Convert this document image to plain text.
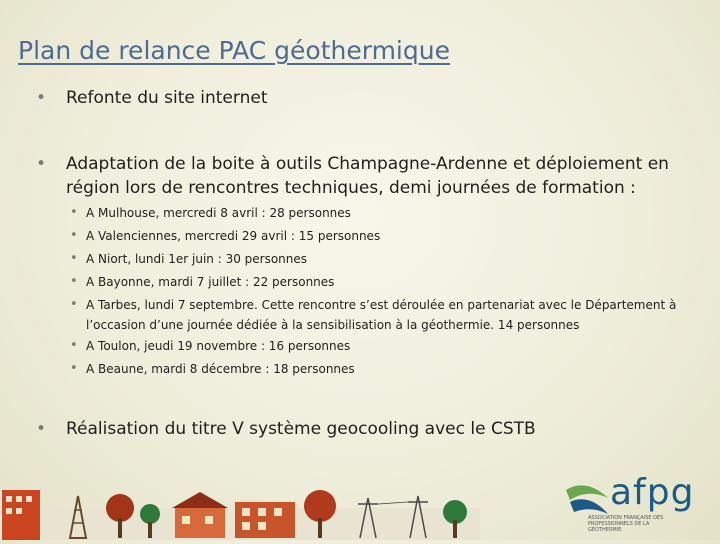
Plan de relance PAC géothermique
• Refonte du site internet
• Adaptation de la boite à outils Champagne-Ardenne et déploiement en région lors de rencontres techniques, demi journées de formation :
• A Mulhouse, mercredi 8 avril : 28 personnes
• A Valenciennes, mercredi 29 avril : 15 personnes
• A Niort, lundi 1er juin : 30 personnes
• A Bayonne, mardi 7 juillet : 22 personnes
• A Tarbes, lundi 7 septembre. Cette rencontre s’est déroulée en partenariat avec le Département à l’occasion d’une journée dédiée à la sensibilisation à la géothermie. 14 personnes
• A Toulon, jeudi 19 novembre : 16 personnes
• A Beaune, mardi 8 décembre : 18 personnes
• Réalisation du titre V système geocooling avec le CSTB
afpg
ASSOCIATION FRANÇAISE DES PROFESSIONNELS DE LA GÉOTHERMIE
